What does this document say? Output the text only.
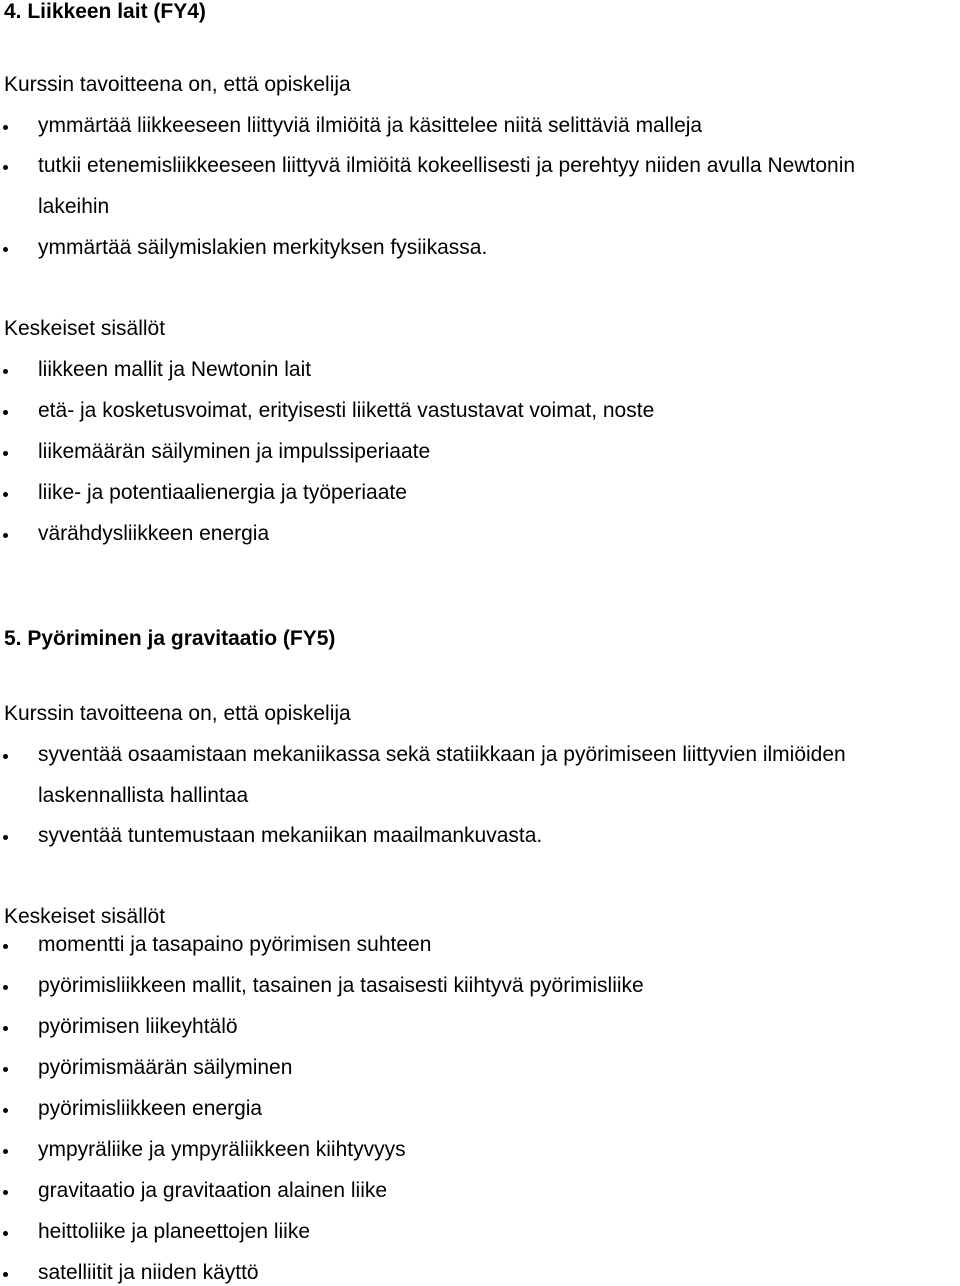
4. Liikkeen lait (FY4)
Kurssin tavoitteena on, että opiskelija
ymmärtää liikkeeseen liittyviä ilmiöitä ja käsittelee niitä selittäviä malleja
tutkii etenemisliikkeeseen liittyvä ilmiöitä kokeellisesti ja perehtyy niiden avulla Newtonin
lakeihin
ymmärtää säilymislakien merkityksen fysiikassa.
Keskeiset sisällöt
liikkeen mallit ja Newtonin lait
etä- ja kosketusvoimat, erityisesti liikettä vastustavat voimat, noste
liikemäärän säilyminen ja impulssiperiaate
liike- ja potentiaalienergia ja työperiaate
värähdysliikkeen energia
5. Pyöriminen ja gravitaatio (FY5)
Kurssin tavoitteena on, että opiskelija
syventää osaamistaan mekaniikassa sekä statiikkaan ja pyörimiseen liittyvien ilmiöiden
laskennallista hallintaa
syventää tuntemustaan mekaniikan maailmankuvasta.
Keskeiset sisällöt
momentti ja tasapaino pyörimisen suhteen
pyörimisliikkeen mallit, tasainen ja tasaisesti kiihtyvä pyörimisliike
pyörimisen liikeyhtälö
pyörimismäärän säilyminen
pyörimisliikkeen energia
ympyräliike ja ympyräliikkeen kiihtyvyys
gravitaatio ja gravitaation alainen liike
heittoliike ja planeettojen liike
satelliitit ja niiden käyttö
